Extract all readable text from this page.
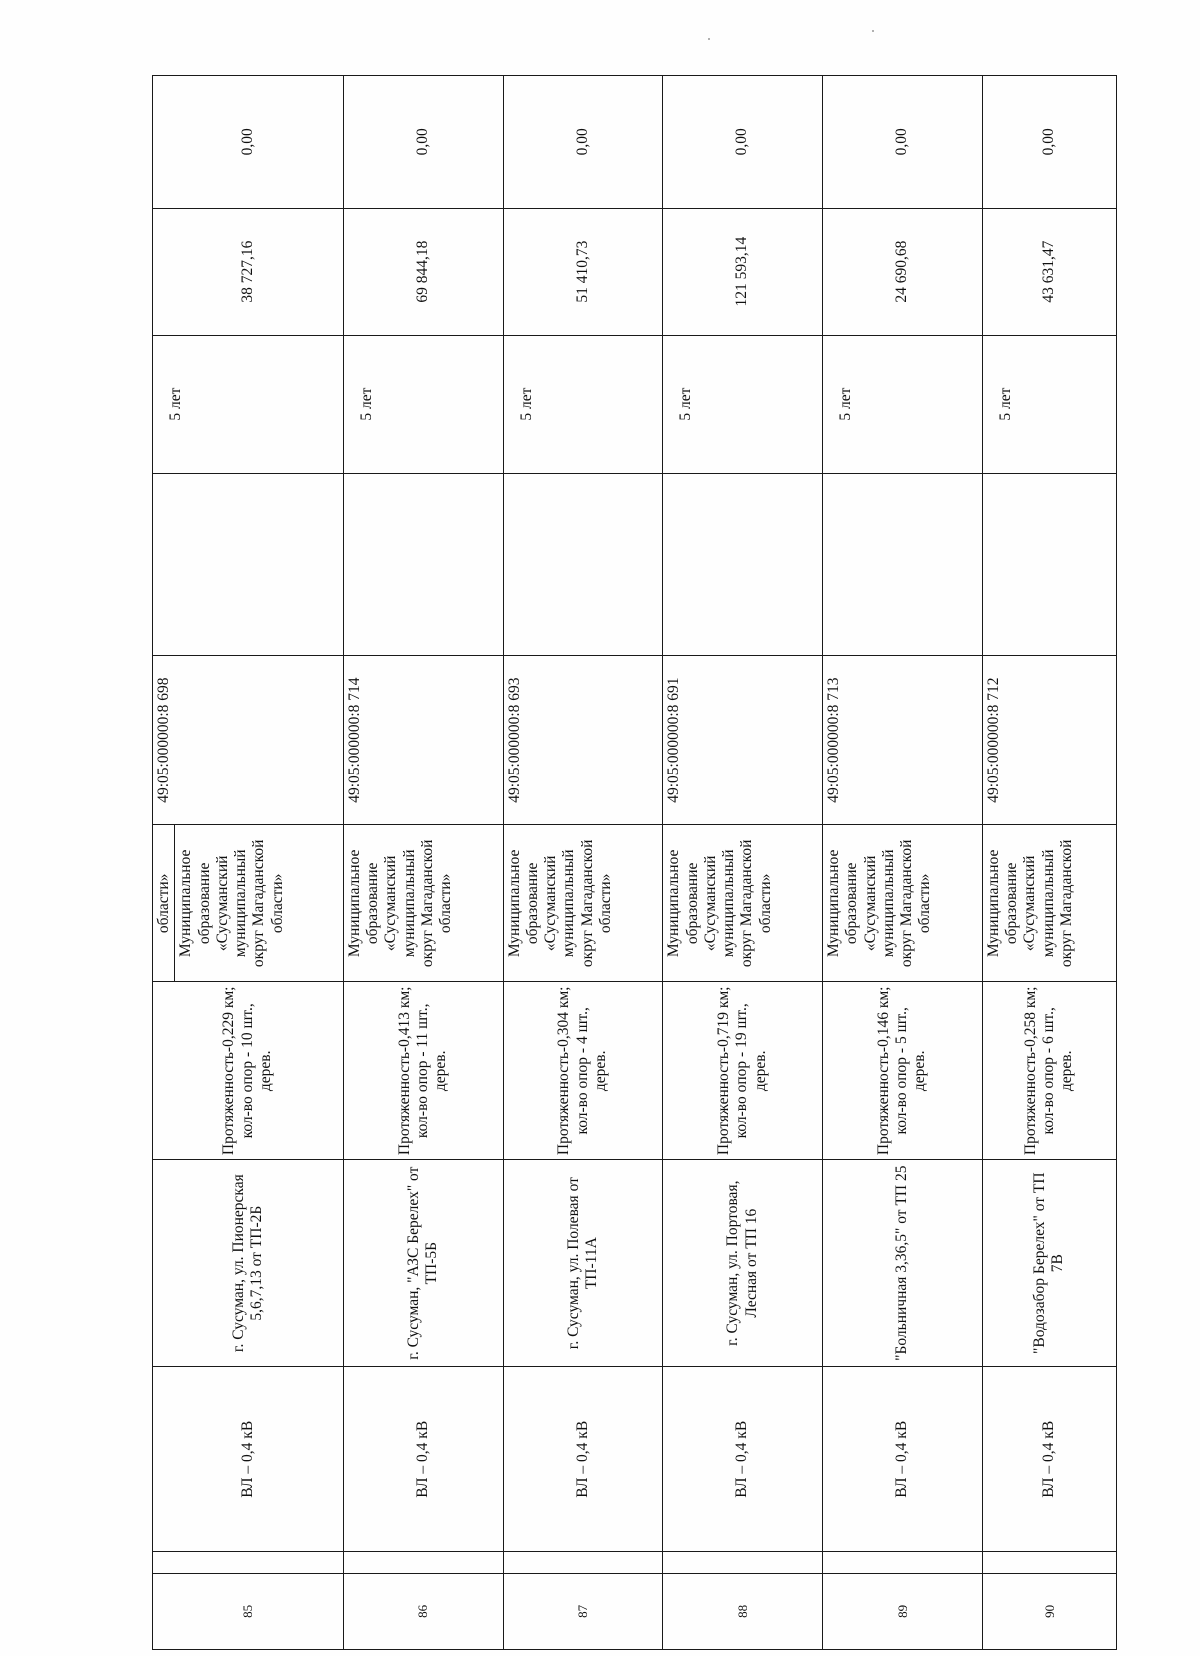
85		ВЛ – 0,4 кВ	г. Сусуман, ул. Пионерская 5,6,7,13 от ТП-2Б	Протяженность-0,229 км; кол-во опор - 10 шт., дерев.	области» Муниципальное образование «Сусуманский муниципальный округ Магаданской области»	49:05:000000:8 698		5 лет	38 727,16	0,00
86		ВЛ – 0,4 кВ	г. Сусуман, "АЗС Берелех" от ТП-5Б	Протяженность-0,413 км; кол-во опор - 11 шт., дерев.	Муниципальное образование «Сусуманский муниципальный округ Магаданской области»	49:05:000000:8 714		5 лет	69 844,18	0,00
87		ВЛ – 0,4 кВ	г. Сусуман, ул. Полевая от ТП-11А	Протяженность-0,304 км; кол-во опор - 4 шт., дерев.	Муниципальное образование «Сусуманский муниципальный округ Магаданской области»	49:05:000000:8 693		5 лет	51 410,73	0,00
88		ВЛ – 0,4 кВ	г. Сусуман, ул. Портовая, Лесная от ТП 16	Протяженность-0,719 км; кол-во опор - 19 шт., дерев.	Муниципальное образование «Сусуманский муниципальный округ Магаданской области»	49:05:000000:8 691		5 лет	121 593,14	0,00
89		ВЛ – 0,4 кВ	"Больничная 3,36,5" от ТП 25	Протяженность-0,146 км; кол-во опор - 5 шт., дерев.	Муниципальное образование «Сусуманский муниципальный округ Магаданской области»	49:05:000000:8 713		5 лет	24 690,68	0,00
90		ВЛ – 0,4 кВ	"Водозабор Берелех" от ТП 7В	Протяженность-0,258 км; кол-во опор - 6 шт., дерев.	Муниципальное образование «Сусуманский муниципальный округ Магаданской	49:05:000000:8 712		5 лет	43 631,47	0,00
